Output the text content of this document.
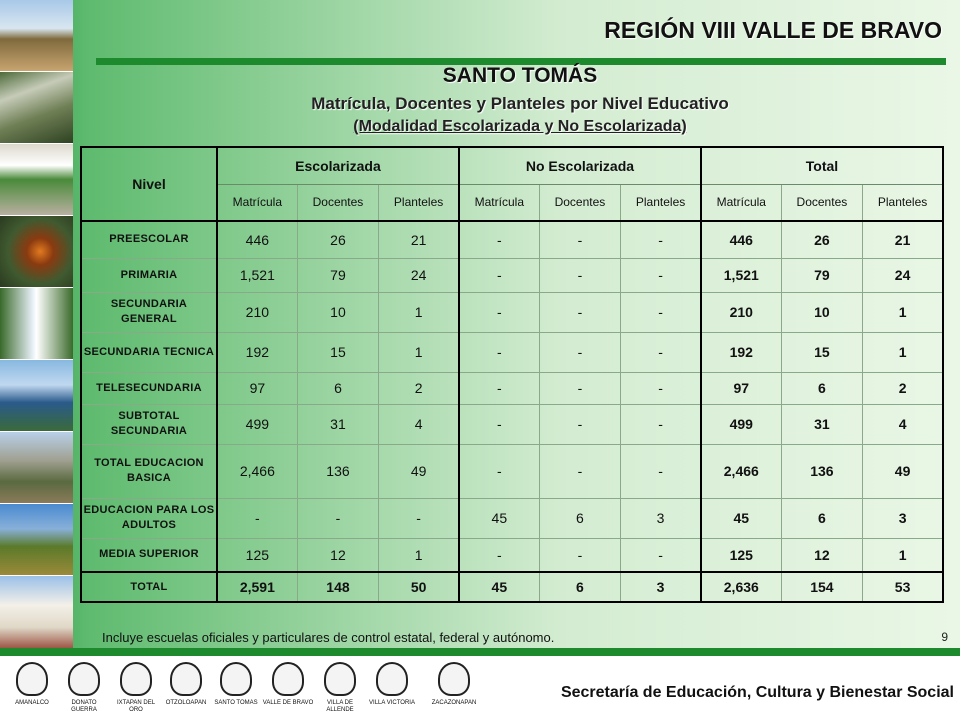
REGIÓN VIII VALLE DE BRAVO
SANTO TOMÁS
Matrícula, Docentes y Planteles por Nivel Educativo
(Modalidad Escolarizada y No Escolarizada)
Nivel	Escolarizada			No Escolarizada			Total		
	Matrícula	Docentes	Planteles	Matrícula	Docentes	Planteles	Matrícula	Docentes	Planteles
PREESCOLAR	446	26	21	-	-	-	446	26	21
PRIMARIA	1,521	79	24	-	-	-	1,521	79	24
SECUNDARIA GENERAL	210	10	1	-	-	-	210	10	1
SECUNDARIA TECNICA	192	15	1	-	-	-	192	15	1
TELESECUNDARIA	97	6	2	-	-	-	97	6	2
SUBTOTAL SECUNDARIA	499	31	4	-	-	-	499	31	4
TOTAL EDUCACION BASICA	2,466	136	49	-	-	-	2,466	136	49
EDUCACION PARA LOS ADULTOS	-	-	-	45	6	3	45	6	3
MEDIA SUPERIOR	125	12	1	-	-	-	125	12	1
TOTAL	2,591	148	50	45	6	3	2,636	154	53
Incluye escuelas oficiales y particulares de control estatal, federal y autónomo.	9
AMANALCO	DONATO GUERRA
IXTAPAN DEL ORO
OTZOLOAPAN	SANTO TOMAS VALLE DE BRAVO	VILLA DE ALLENDE
VILLA VICTORIA	ZACAZONAPAN
Secretaría de Educación, Cultura y Bienestar Social
